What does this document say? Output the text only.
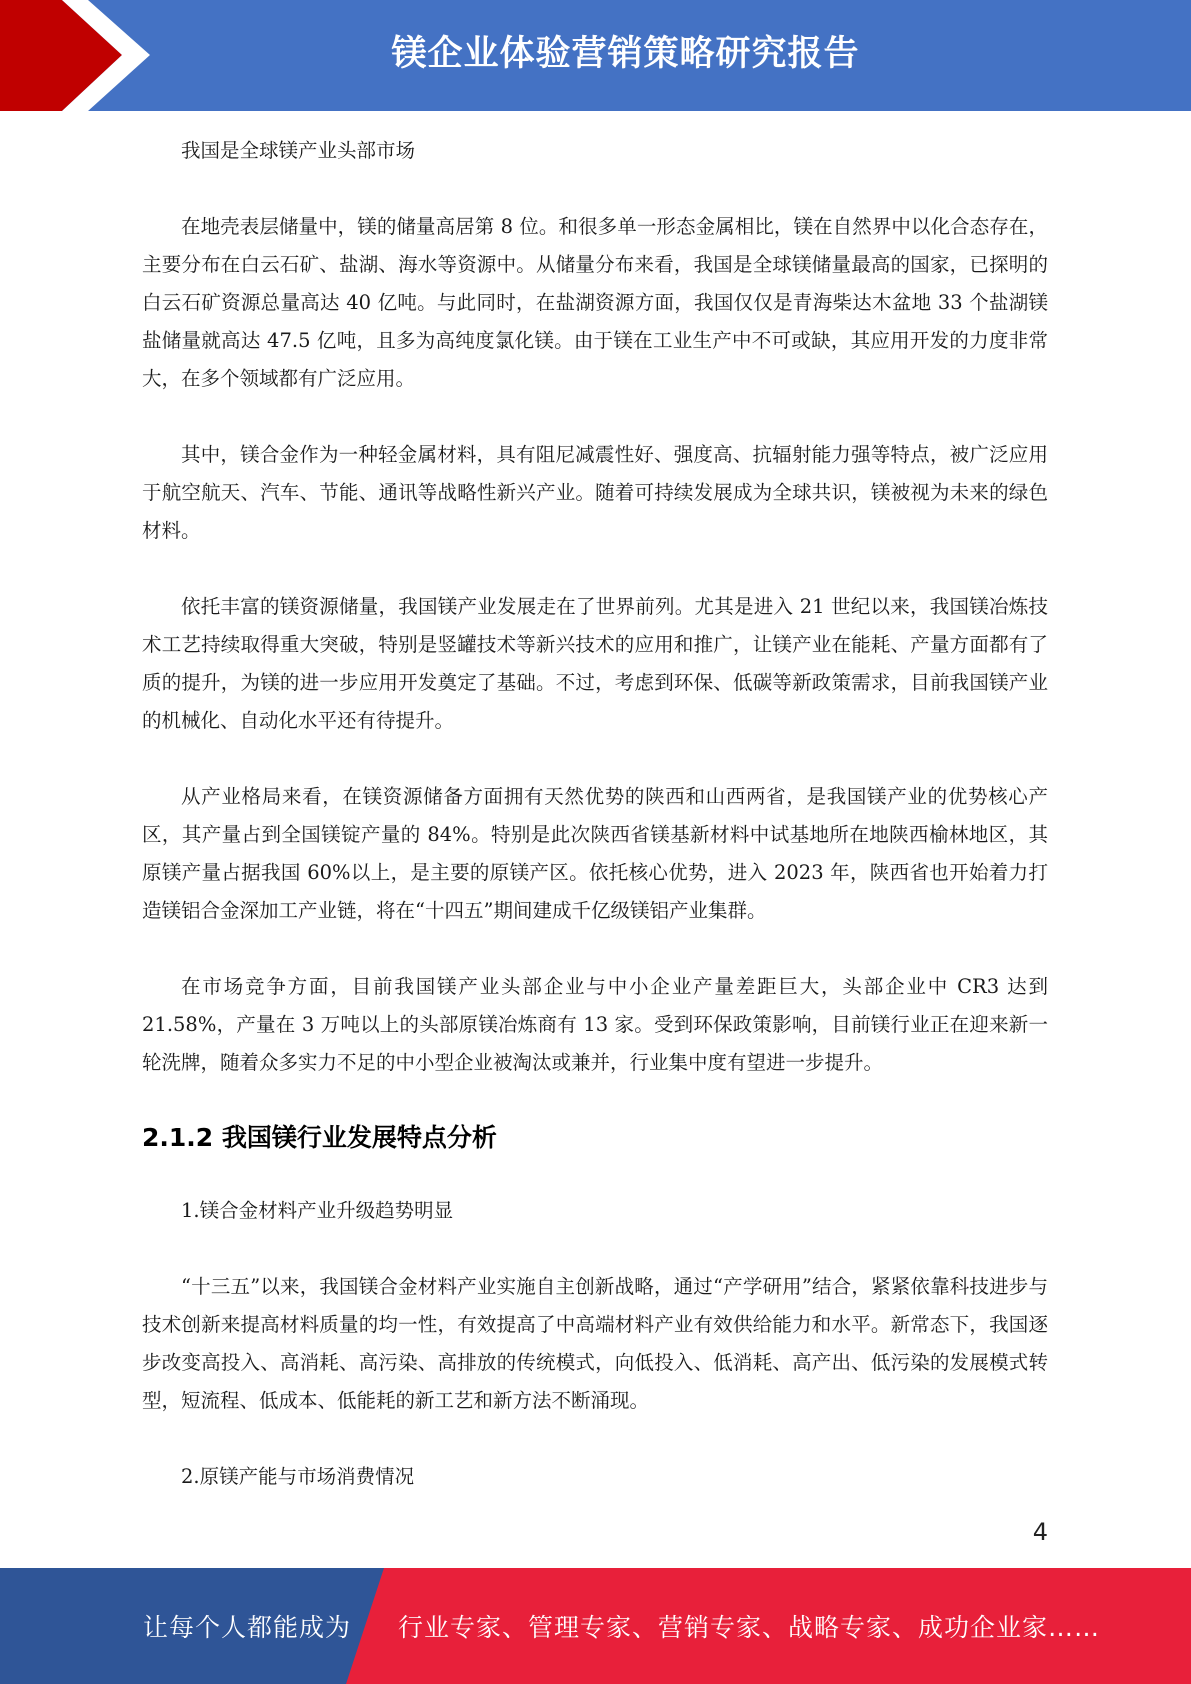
镁企业体验营销策略研究报告

我国是全球镁产业头部市场

在地壳表层储量中，镁的储量高居第 8 位。和很多单一形态金属相比，镁在自然界中以化合态存在，主要分布在白云石矿、盐湖、海水等资源中。从储量分布来看，我国是全球镁储量最高的国家，已探明的白云石矿资源总量高达 40 亿吨。与此同时，在盐湖资源方面，我国仅仅是青海柴达木盆地 33 个盐湖镁盐储量就高达 47.5 亿吨，且多为高纯度氯化镁。由于镁在工业生产中不可或缺，其应用开发的力度非常大，在多个领域都有广泛应用。

其中，镁合金作为一种轻金属材料，具有阻尼减震性好、强度高、抗辐射能力强等特点，被广泛应用于航空航天、汽车、节能、通讯等战略性新兴产业。随着可持续发展成为全球共识，镁被视为未来的绿色材料。

依托丰富的镁资源储量，我国镁产业发展走在了世界前列。尤其是进入 21 世纪以来，我国镁冶炼技术工艺持续取得重大突破，特别是竖罐技术等新兴技术的应用和推广，让镁产业在能耗、产量方面都有了质的提升，为镁的进一步应用开发奠定了基础。不过，考虑到环保、低碳等新政策需求，目前我国镁产业的机械化、自动化水平还有待提升。

从产业格局来看，在镁资源储备方面拥有天然优势的陕西和山西两省，是我国镁产业的优势核心产区，其产量占到全国镁锭产量的 84%。特别是此次陕西省镁基新材料中试基地所在地陕西榆林地区，其原镁产量占据我国 60%以上，是主要的原镁产区。依托核心优势，进入 2023 年，陕西省也开始着力打造镁铝合金深加工产业链，将在“十四五”期间建成千亿级镁铝产业集群。

在市场竞争方面，目前我国镁产业头部企业与中小企业产量差距巨大，头部企业中 CR3 达到 21.58%，产量在 3 万吨以上的头部原镁冶炼商有 13 家。受到环保政策影响，目前镁行业正在迎来新一轮洗牌，随着众多实力不足的中小型企业被淘汰或兼并，行业集中度有望进一步提升。

2.1.2 我国镁行业发展特点分析

1.镁合金材料产业升级趋势明显

“十三五”以来，我国镁合金材料产业实施自主创新战略，通过“产学研用”结合，紧紧依靠科技进步与技术创新来提高材料质量的均一性，有效提高了中高端材料产业有效供给能力和水平。新常态下，我国逐步改变高投入、高消耗、高污染、高排放的传统模式，向低投入、低消耗、高产出、低污染的发展模式转型，短流程、低成本、低能耗的新工艺和新方法不断涌现。

2.原镁产能与市场消费情况

4
让每个人都能成为 行业专家、管理专家、营销专家、战略专家、成功企业家……
